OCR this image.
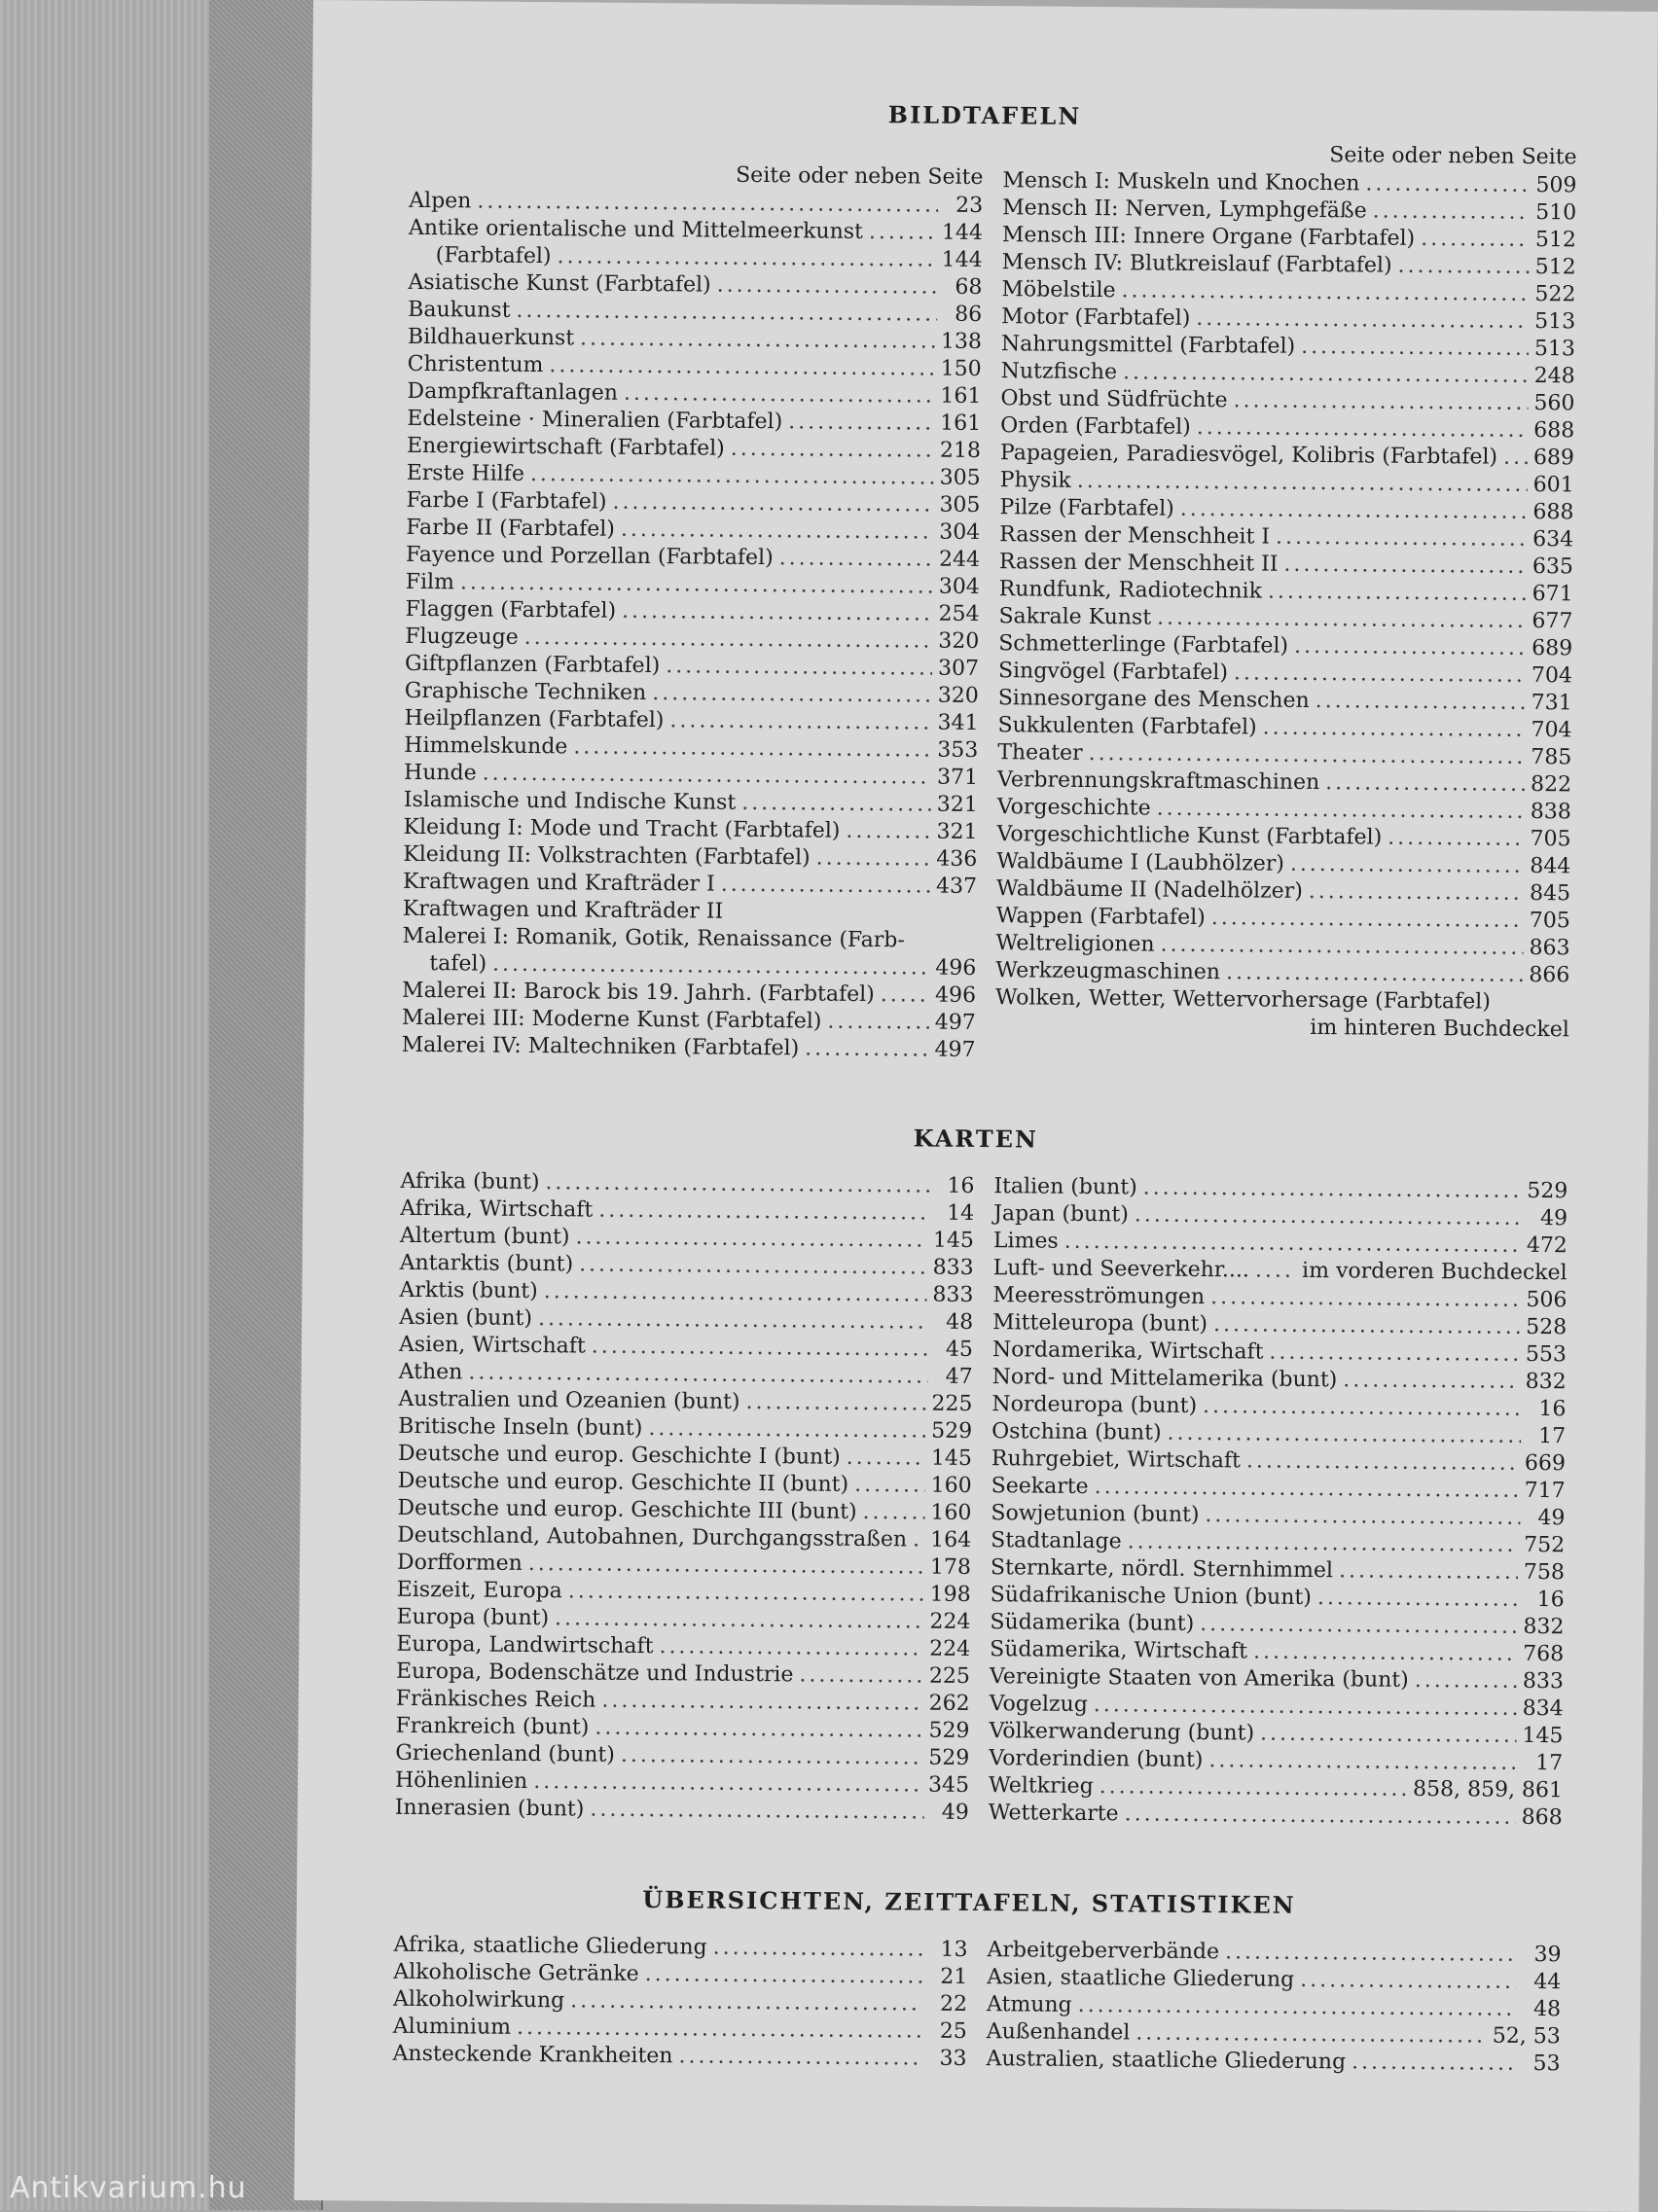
BILDTAFELN
Seite oder neben Seite
Alpen .....	23
Antike orientalische und Mittelmeerkunst .....	144
(Farbtafel) .....	144
Asiatische Kunst (Farbtafel) .....	68
Baukunst .....	86
Bildhauerkunst .....	138
Christentum .....	150
Dampfkraftanlagen .....	161
Edelsteine · Mineralien (Farbtafel) .....	161
Energiewirtschaft (Farbtafel) .....	218
Erste Hilfe .....	305
Farbe I (Farbtafel) .....	305
Farbe II (Farbtafel) .....	304
Fayence und Porzellan (Farbtafel) .....	244
Film .....	304
Flaggen (Farbtafel) .....	254
Flugzeuge .....	320
Giftpflanzen (Farbtafel) .....	307
Graphische Techniken .....	320
Heilpflanzen (Farbtafel) .....	341
Himmelskunde .....	353
Hunde .....	371
Islamische und Indische Kunst .....	321
Kleidung I: Mode und Tracht (Farbtafel) .....	321
Kleidung II: Volkstrachten (Farbtafel) .....	436
Kraftwagen und Krafträder I .....	437
Kraftwagen und Krafträder II
Malerei I: Romanik, Gotik, Renaissance (Farb-
tafel) .....	496
Malerei II: Barock bis 19. Jahrh. (Farbtafel) .....	496
Malerei III: Moderne Kunst (Farbtafel) .....	497
Malerei IV: Maltechniken (Farbtafel) .....	497
Seite oder neben Seite
Mensch I: Muskeln und Knochen .....	509
Mensch II: Nerven, Lymphgefäße .....	510
Mensch III: Innere Organe (Farbtafel) .....	512
Mensch IV: Blutkreislauf (Farbtafel) .....	512
Möbelstile .....	522
Motor (Farbtafel) .....	513
Nahrungsmittel (Farbtafel) .....	513
Nutzfische .....	248
Obst und Südfrüchte .....	560
Orden (Farbtafel) .....	688
Papageien, Paradiesvögel, Kolibris (Farbtafel) ..... 689
Physik .....	601
Pilze (Farbtafel) .....	688
Rassen der Menschheit I .....	634
Rassen der Menschheit II .....	635
Rundfunk, Radiotechnik .....	671
Sakrale Kunst .....	677
Schmetterlinge (Farbtafel) .....	689
Singvögel (Farbtafel) .....	704
Sinnesorgane des Menschen .....	731
Sukkulenten (Farbtafel) .....	704
Theater .....	785
Verbrennungskraftmaschinen .....	822
Vorgeschichte .....	838
Vorgeschichtliche Kunst (Farbtafel) .....	705
Waldbäume I (Laubhölzer) .....	844
Waldbäume II (Nadelhölzer) .....	845
Wappen (Farbtafel) .....	705
Weltreligionen .....	863
Werkzeugmaschinen .....	866
Wolken, Wetter, Wettervorhersage (Farbtafel)
im hinteren Buchdeckel
KARTEN
Afrika (bunt) .....	16
Afrika, Wirtschaft .....	14
Altertum (bunt) .....	145
Antarktis (bunt) .....	833
Arktis (bunt) .....	833
Asien (bunt) .....	48
Asien, Wirtschaft .....	45
Athen .....	47
Australien und Ozeanien (bunt) .....	225
Britische Inseln (bunt) .....	529
Deutsche und europ. Geschichte I (bunt) .....	145
Deutsche und europ. Geschichte II (bunt) .....	160
Deutsche und europ. Geschichte III (bunt) .....	160
Deutschland, Autobahnen, Durchgangsstraßen ..... 164
Dorfformen .....	178
Eiszeit, Europa .....	198
Europa (bunt) .....	224
Europa, Landwirtschaft .....	224
Europa, Bodenschätze und Industrie .....	225
Fränkisches Reich .....	262
Frankreich (bunt) .....	529
Griechenland (bunt) .....	529
Höhenlinien .....	345
Innerasien (bunt) .....	49
Italien (bunt) .....	529
Japan (bunt) .....	49
Limes .....	472
Luft- und Seeverkehr.... ..... im vorderen Buchdeckel
Meeresströmungen .....	506
Mitteleuropa (bunt) .....	528
Nordamerika, Wirtschaft .....	553
Nord- und Mittelamerika (bunt) .....	832
Nordeuropa (bunt) .....	16
Ostchina (bunt) .....	17
Ruhrgebiet, Wirtschaft .....	669
Seekarte .....	717
Sowjetunion (bunt) .....	49
Stadtanlage .....	752
Sternkarte, nördl. Sternhimmel .....	758
Südafrikanische Union (bunt) .....	16
Südamerika (bunt) .....	832
Südamerika, Wirtschaft .....	768
Vereinigte Staaten von Amerika (bunt) .....	833
Vogelzug .....	834
Völkerwanderung (bunt) .....	145
Vorderindien (bunt) .....	17
Weltkrieg .....	858, 859, 861
Wetterkarte .....	868
ÜBERSICHTEN, ZEITTAFELN, STATISTIKEN
Afrika, staatliche Gliederung .....	13
Alkoholische Getränke .....	21
Alkoholwirkung .....	22
Aluminium .....	25
Ansteckende Krankheiten .....	33
Arbeitgeberverbände .....	39
Asien, staatliche Gliederung .....	44
Atmung .....	48
Außenhandel .....	52, 53
Australien, staatliche Gliederung .....	53
Antikvarium.hu
